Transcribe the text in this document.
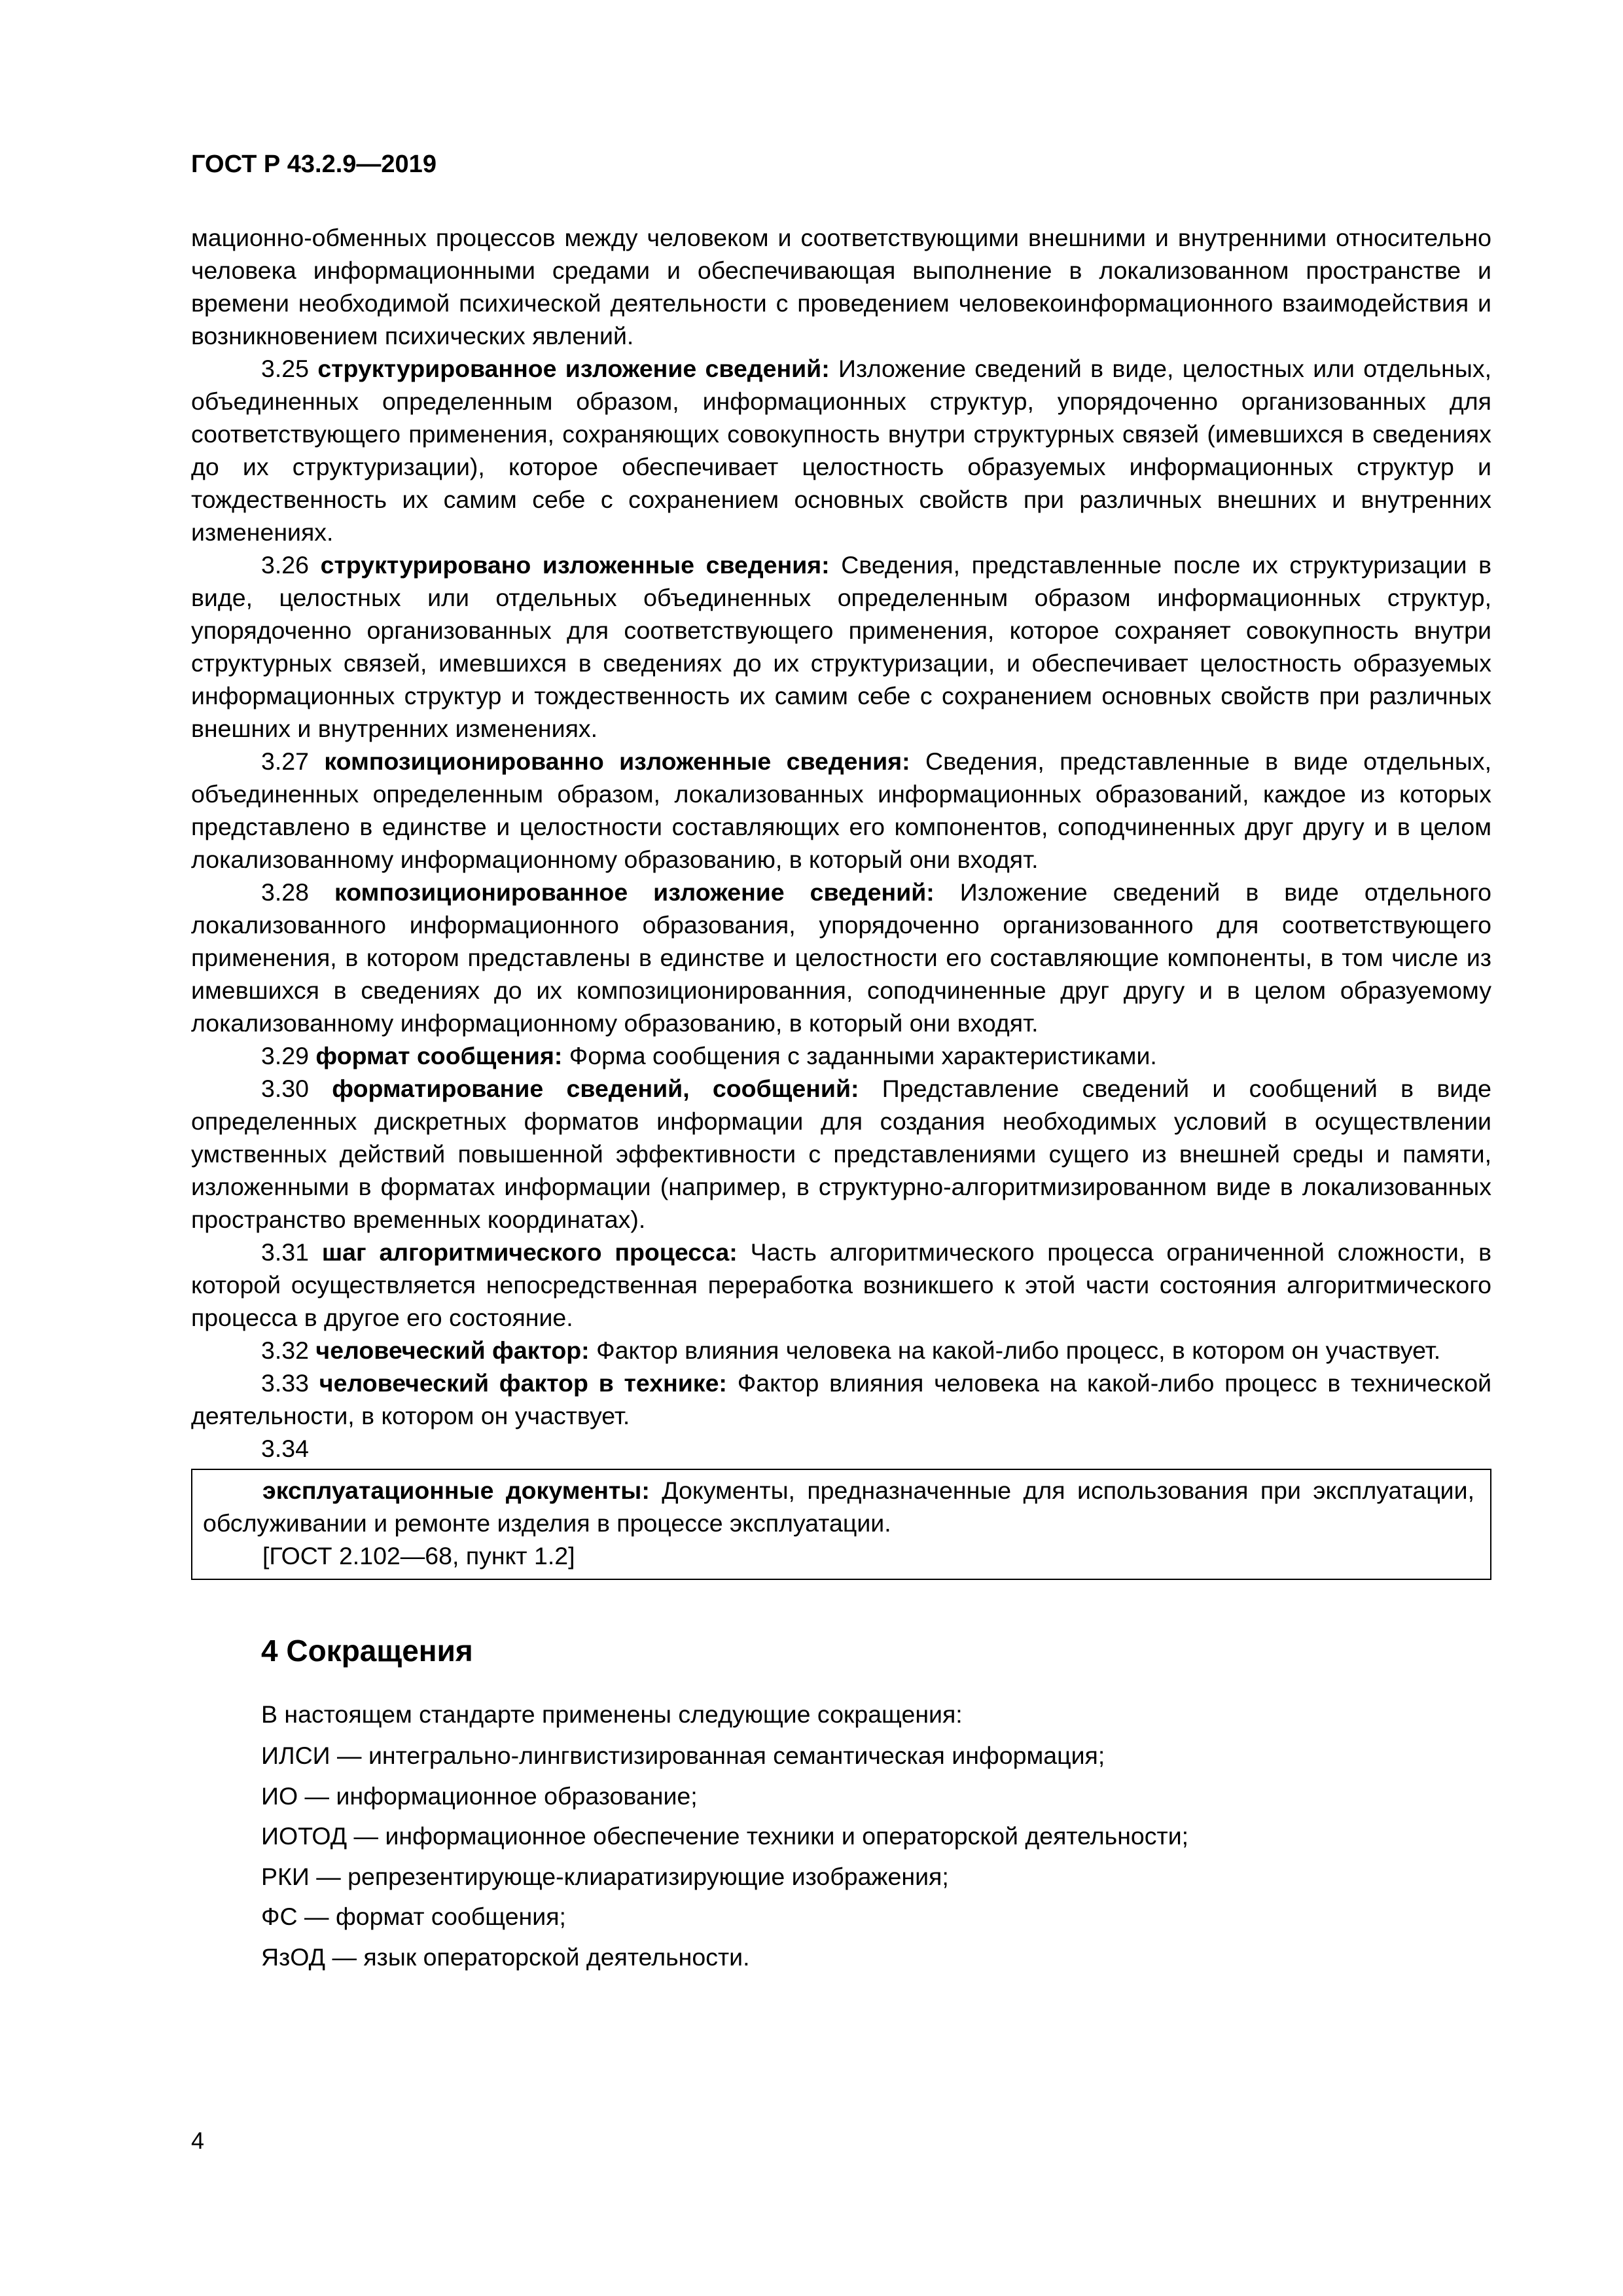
ГОСТ Р 43.2.9—2019

мационно-обменных процессов между человеком и соответствующими внешними и внутренними относительно человека информационными средами и обеспечивающая выполнение в локализованном пространстве и времени необходимой психической деятельности с проведением человекоинформационного взаимодействия и возникновением психических явлений.

3.25 структурированное изложение сведений: Изложение сведений в виде, целостных или отдельных, объединенных определенным образом, информационных структур, упорядоченно организованных для соответствующего применения, сохраняющих совокупность внутри структурных связей (имевшихся в сведениях до их структуризации), которое обеспечивает целостность образуемых информационных структур и тождественность их самим себе с сохранением основных свойств при различных внешних и внутренних изменениях.

3.26 структурировано изложенные сведения: Сведения, представленные после их структуризации в виде, целостных или отдельных объединенных определенным образом информационных структур, упорядоченно организованных для соответствующего применения, которое сохраняет совокупность внутри структурных связей, имевшихся в сведениях до их структуризации, и обеспечивает целостность образуемых информационных структур и тождественность их самим себе с сохранением основных свойств при различных внешних и внутренних изменениях.

3.27 композиционированно изложенные сведения: Сведения, представленные в виде отдельных, объединенных определенным образом, локализованных информационных образований, каждое из которых представлено в единстве и целостности составляющих его компонентов, соподчиненных друг другу и в целом локализованному информационному образованию, в который они входят.

3.28 композиционированное изложение сведений: Изложение сведений в виде отдельного локализованного информационного образования, упорядоченно организованного для соответствующего применения, в котором представлены в единстве и целостности его составляющие компоненты, в том числе из имевшихся в сведениях до их композиционированния, соподчиненные друг другу и в целом образуемому локализованному информационному образованию, в который они входят.

3.29 формат сообщения: Форма сообщения с заданными характеристиками.

3.30 форматирование сведений, сообщений: Представление сведений и сообщений в виде определенных дискретных форматов информации для создания необходимых условий в осуществлении умственных действий повышенной эффективности с представлениями сущего из внешней среды и памяти, изложенными в форматах информации (например, в структурно-алгоритмизированном виде в локализованных пространство временных координатах).

3.31 шаг алгоритмического процесса: Часть алгоритмического процесса ограниченной сложности, в которой осуществляется непосредственная переработка возникшего к этой части состояния алгоритмического процесса в другое его состояние.

3.32 человеческий фактор: Фактор влияния человека на какой-либо процесс, в котором он участвует.

3.33 человеческий фактор в технике: Фактор влияния человека на какой-либо процесс в технической деятельности, в котором он участвует.

3.34

эксплуатационные документы: Документы, предназначенные для использования при эксплуатации, обслуживании и ремонте изделия в процессе эксплуатации.

[ГОСТ 2.102—68, пункт 1.2]

4 Сокращения

В настоящем стандарте применены следующие сокращения:

ИЛСИ — интегрально-лингвистизированная семантическая информация;

ИО — информационное образование;

ИОТОД — информационное обеспечение техники и операторской деятельности;

РКИ — репрезентирующе-клиаратизирующие изображения;

ФС — формат сообщения;

ЯзОД — язык операторской деятельности.

4
